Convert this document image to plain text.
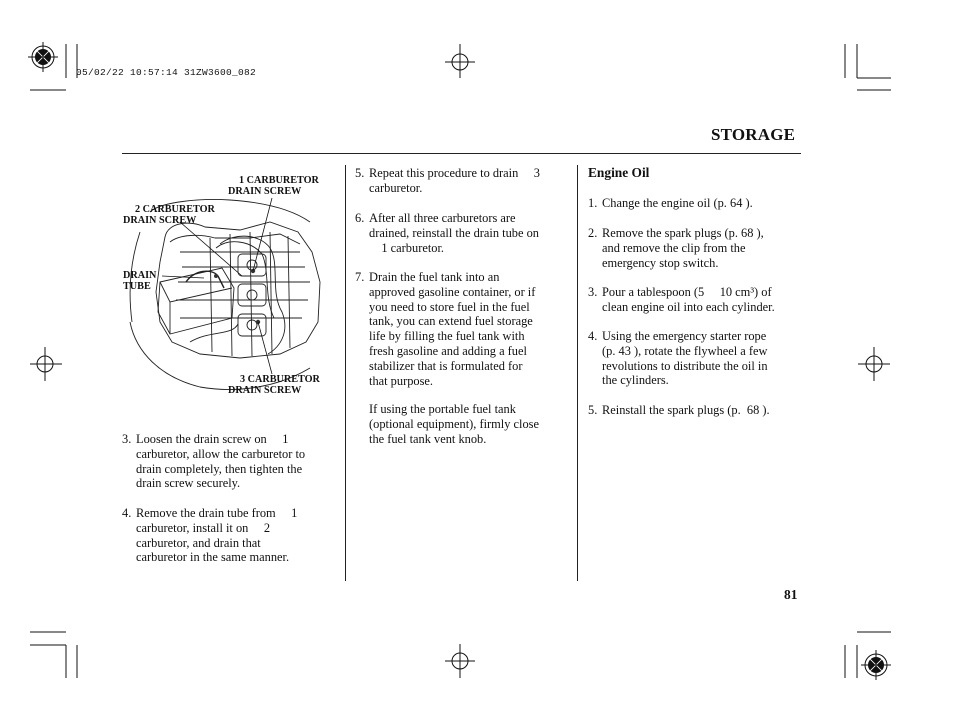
05/02/22 10:57:14 31ZW3600_082
STORAGE
1 CARBURETOR
DRAIN SCREW
2 CARBURETOR
DRAIN SCREW
DRAIN
TUBE
3 CARBURETOR
DRAIN SCREW
3. Loosen the drain screw on     1
carburetor, allow the carburetor to
drain completely, then tighten the
drain screw securely.
4. Remove the drain tube from     1
carburetor, install it on     2
carburetor, and drain that
carburetor in the same manner.
5. Repeat this procedure to drain     3
carburetor.
6. After all three carburetors are
drained, reinstall the drain tube on
1 carburetor.
7. Drain the fuel tank into an
approved gasoline container, or if
you need to store fuel in the fuel
tank, you can extend fuel storage
life by filling the fuel tank with
fresh gasoline and adding a fuel
stabilizer that is formulated for
that purpose.
If using the portable fuel tank
(optional equipment), firmly close
the fuel tank vent knob.
Engine Oil
1. Change the engine oil (p. 64 ).
2. Remove the spark plugs (p. 68 ),
and remove the clip from the
emergency stop switch.
3. Pour a tablespoon (5     10 cm³) of
clean engine oil into each cylinder.
4. Using the emergency starter rope
(p. 43 ), rotate the flywheel a few
revolutions to distribute the oil in
the cylinders.
5. Reinstall the spark plugs (p.  68 ).
81
